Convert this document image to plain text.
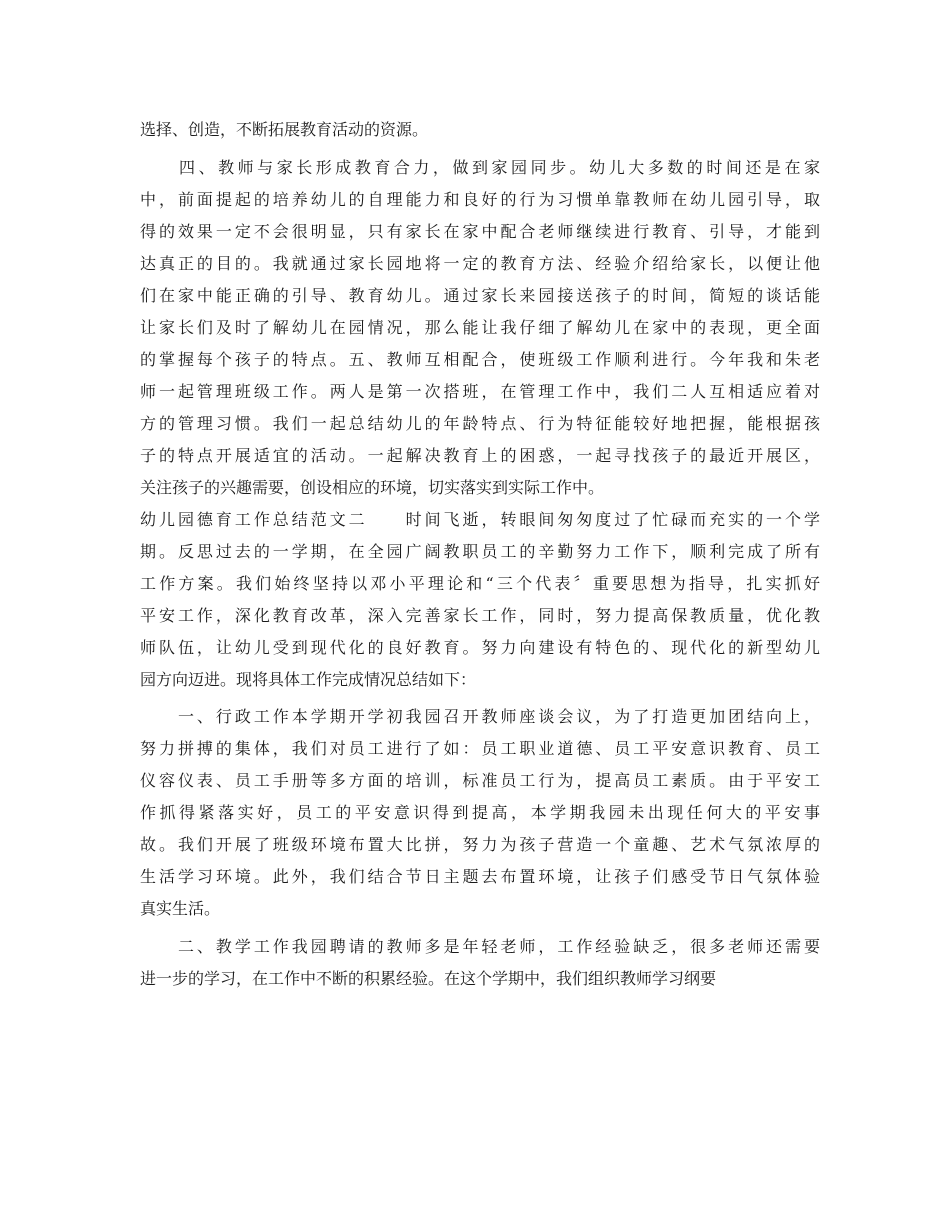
选择、创造，不断拓展教育活动的资源。
　　四、教师与家长形成教育合力，做到家园同步。幼儿大多数的时间还是在家
中，前面提起的培养幼儿的自理能力和良好的行为习惯单靠教师在幼儿园引导，取
得的效果一定不会很明显，只有家长在家中配合老师继续进行教育、引导，才能到
达真正的目的。我就通过家长园地将一定的教育方法、经验介绍给家长，以便让他
们在家中能正确的引导、教育幼儿。通过家长来园接送孩子的时间，简短的谈话能
让家长们及时了解幼儿在园情况，那么能让我仔细了解幼儿在家中的表现，更全面
的掌握每个孩子的特点。五、教师互相配合，使班级工作顺利进行。今年我和朱老
师一起管理班级工作。两人是第一次搭班，在管理工作中，我们二人互相适应着对
方的管理习惯。我们一起总结幼儿的年龄特点、行为特征能较好地把握，能根据孩
子的特点开展适宜的活动。一起解决教育上的困惑，一起寻找孩子的最近开展区，
关注孩子的兴趣需要，创设相应的环境，切实落实到实际工作中。
幼儿园德育工作总结范文二　　时间飞逝，转眼间匆匆度过了忙碌而充实的一个学
期。反思过去的一学期，在全园广阔教职员工的辛勤努力工作下，顺利完成了所有
工作方案。我们始终坚持以邓小平理论和“三个代表〞重要思想为指导，扎实抓好
平安工作，深化教育改革，深入完善家长工作，同时，努力提高保教质量，优化教
师队伍，让幼儿受到现代化的良好教育。努力向建设有特色的、现代化的新型幼儿
园方向迈进。现将具体工作完成情况总结如下：
　　一、行政工作本学期开学初我园召开教师座谈会议，为了打造更加团结向上，
努力拼搏的集体，我们对员工进行了如：员工职业道德、员工平安意识教育、员工
仪容仪表、员工手册等多方面的培训，标准员工行为，提高员工素质。由于平安工
作抓得紧落实好，员工的平安意识得到提高，本学期我园未出现任何大的平安事
故。我们开展了班级环境布置大比拼，努力为孩子营造一个童趣、艺术气氛浓厚的
生活学习环境。此外，我们结合节日主题去布置环境，让孩子们感受节日气氛体验
真实生活。
　　二、教学工作我园聘请的教师多是年轻老师，工作经验缺乏，很多老师还需要
进一步的学习，在工作中不断的积累经验。在这个学期中，我们组织教师学习纲要
